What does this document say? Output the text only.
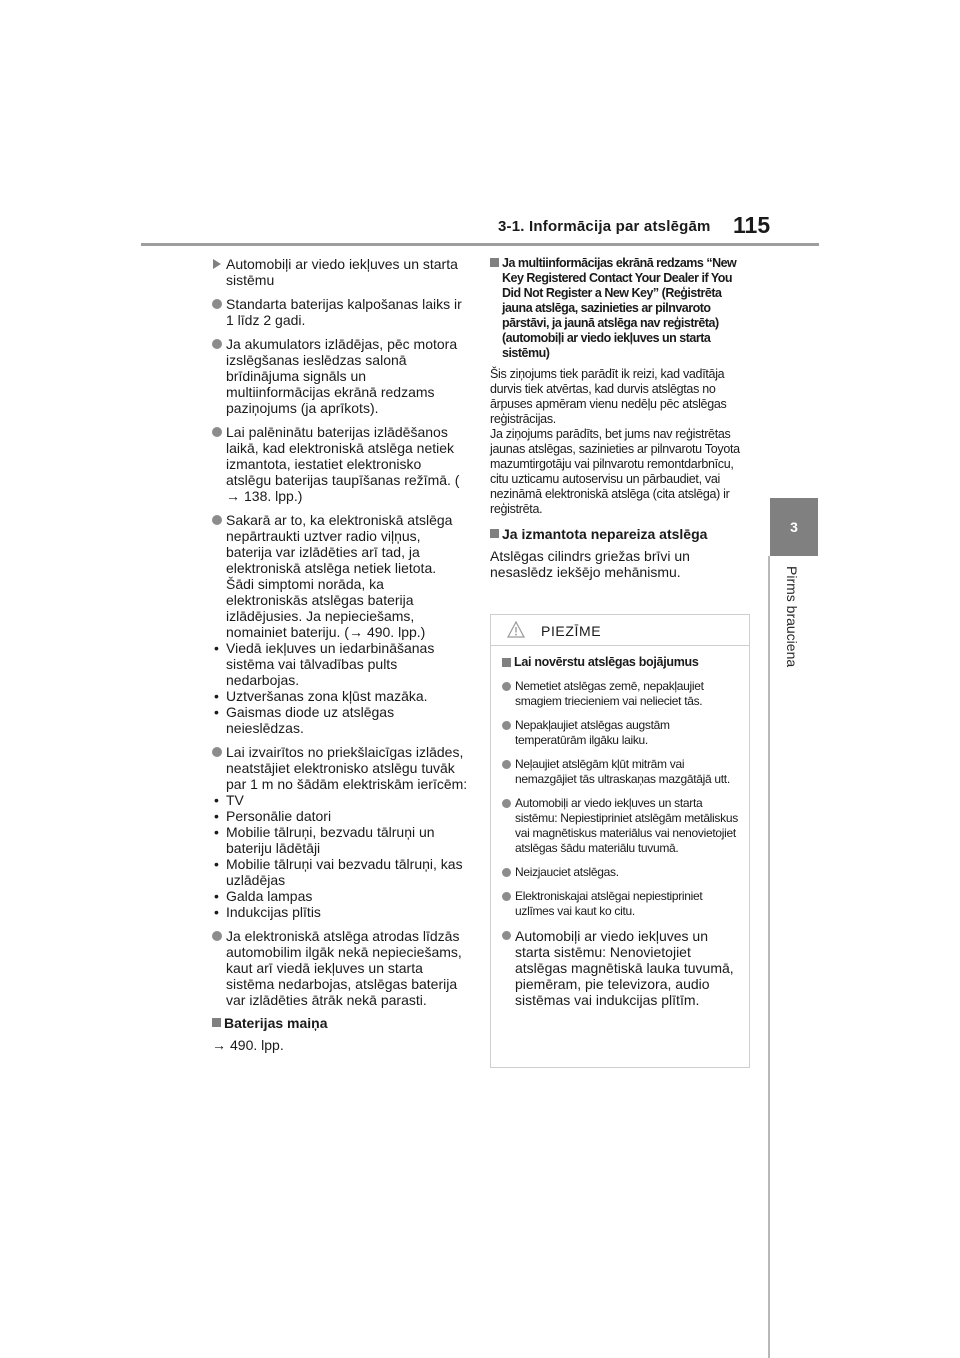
3-1. Informācija par atslēgām 115
3
Pirms brauciena
Automobiļi ar viedo iekļuves un starta sistēmu
Standarta baterijas kalpošanas laiks ir 1 līdz 2 gadi.
Ja akumulators izlādējas, pēc motora izslēgšanas ieslēdzas salonā brīdinājuma signāls un multiinformācijas ekrānā redzams paziņojums (ja aprīkots).
Lai palēninātu baterijas izlādēšanos laikā, kad elektroniskā atslēga netiek izmantota, iestatiet elektronisko atslēgu baterijas taupīšanas režīmā. (→ 138. lpp.)
Sakarā ar to, ka elektroniskā atslēga nepārtraukti uztver radio viļņus, baterija var izlādēties arī tad, ja elektroniskā atslēga netiek lietota. Šādi simptomi norāda, ka elektroniskās atslēgas baterija izlādējusies. Ja nepieciešams, nomainiet bateriju. (→ 490. lpp.)
• Viedā iekļuves un iedarbināšanas sistēma vai tālvadības pults nedarbojas.
• Uztveršanas zona kļūst mazāka.
• Gaismas diode uz atslēgas neieslēdzas.
Lai izvairītos no priekšlaicīgas izlādes, neatstājiet elektronisko atslēgu tuvāk par 1 m no šādām elektriskām ierīcēm:
• TV
• Personālie datori
• Mobilie tālruņi, bezvadu tālruņi un bateriju lādētāji
• Mobilie tālruņi vai bezvadu tālruņi, kas uzlādējas
• Galda lampas
• Indukcijas plītis
Ja elektroniskā atslēga atrodas līdzās automobilim ilgāk nekā nepieciešams, kaut arī viedā iekļuves un starta sistēma nedarbojas, atslēgas baterija var izlādēties ātrāk nekā parasti.
Baterijas maiņa
→ 490. lpp.
Ja multiinformācijas ekrānā redzams “New Key Registered Contact Your Dealer if You Did Not Register a New Key” (Reģistrēta jauna atslēga, sazinieties ar pilnvaroto pārstāvi, ja jaunā atslēga nav reģistrēta) (automobiļi ar viedo iekļuves un starta sistēmu)

Šis ziņojums tiek parādīt ik reizi, kad vadītāja durvis tiek atvērtas, kad durvis atslēgtas no ārpuses apmēram vienu nedēļu pēc atslēgas reģistrācijas.

Ja ziņojums parādīts, bet jums nav reģistrētas jaunas atslēgas, sazinieties ar pilnvarotu Toyota mazumtirgotāju vai pilnvarotu remontdarbnīcu, citu uzticamu autoservisu un pārbaudiet, vai nezināmā elektroniskā atslēga (cita atslēga) ir reģistrēta.

Ja izmantota nepareiza atslēga

Atslēgas cilindrs griežas brīvi un nesaslēdz iekšējo mehānismu.

PIEZĪME
Lai novērstu atslēgas bojājumus
Nemetiet atslēgas zemē, nepakļaujiet smagiem triecieniem vai nelieciet tās.
Nepakļaujiet atslēgas augstām temperatūrām ilgāku laiku.
Neļaujiet atslēgām kļūt mitrām vai nemazgājiet tās ultraskaņas mazgātājā utt.
Automobiļi ar viedo iekļuves un starta sistēmu: Nepiestipriniet atslēgām metāliskus vai magnētiskus materiālus vai nenovietojiet atslēgas šādu materiālu tuvumā.
Neizjauciet atslēgas.
Elektroniskajai atslēgai nepiestipriniet uzlīmes vai kaut ko citu.
Automobiļi ar viedo iekļuves un starta sistēmu: Nenovietojiet atslēgas magnētiskā lauka tuvumā, piemēram, pie televizora, audio sistēmas vai indukcijas plītīm.
